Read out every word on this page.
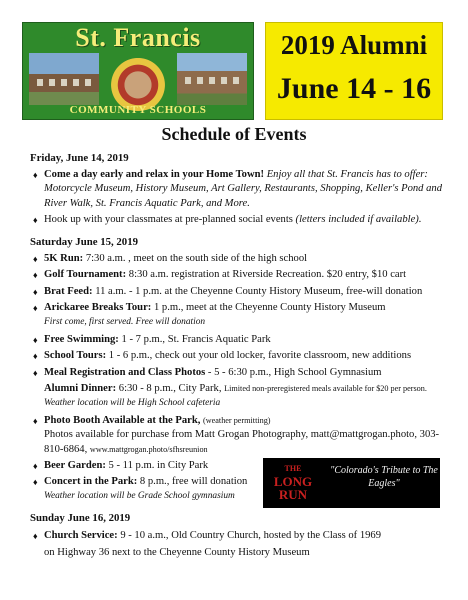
St. Francis
COMMUNITY SCHOOLS
2019 Alumni
June 14 - 16
Schedule of Events
Friday, June 14, 2019
♦ Come a day early and relax in your Home Town! Enjoy all that St. Francis has to offer: Motorcycle Museum, History Museum, Art Gallery, Restaurants, Shopping, Keller's Pond and River Walk, St. Francis Aquatic Park, and More.
♦ Hook up with your classmates at pre-planned social events (letters included if available).
Saturday June 15, 2019
♦ 5K Run: 7:30 a.m. , meet on the south side of the high school
♦ Golf Tournament: 8:30 a.m. registration at Riverside Recreation. $20 entry, $10 cart
♦ Brat Feed: 11 a.m. - 1 p.m. at the Cheyenne County History Museum, free-will donation
♦ Arickaree Breaks Tour: 1 p.m., meet at the Cheyenne County History Museum
First come, first served. Free will donation
♦ Free Swimming: 1 - 7 p.m., St. Francis Aquatic Park
♦ School Tours: 1 - 6 p.m., check out your old locker, favorite classroom, new additions
♦ Meal Registration and Class Photos - 5 - 6:30 p.m., High School Gymnasium
Alumni Dinner: 6:30 - 8 p.m., City Park, Limited non-preregistered meals available for $20 per person.
Weather location will be High School cafeteria
♦ Photo Booth Available at the Park, (weather permitting)
Photos available for purchase from Matt Grogan Photography, matt@mattgrogan.photo, 303-810-6864, www.mattgrogan.photo/sfhsreunion
♦ Beer Garden: 5 - 11 p.m. in City Park
♦ Concert in the Park: 8 p.m., free will donation
Weather location will be Grade School gymnasium
Sunday June 16, 2019
♦ Church Service: 9 - 10 a.m., Old Country Church, hosted by the Class of 1969
on Highway 36 next to the Cheyenne County History Museum
THE
LONG RUN
"Colorado's Tribute to The Eagles"
